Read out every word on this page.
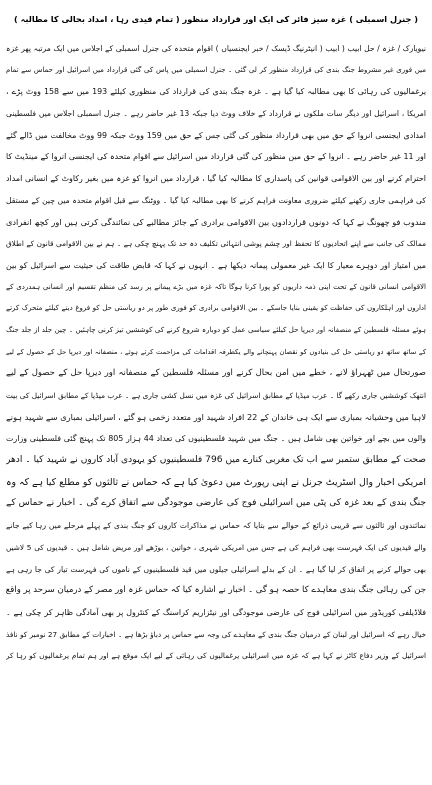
( جنرل اسمبلی ) غزہ سیز فائر کی ایک اور قرارداد منظور ( تمام قیدی رہا ، امداد بحالی کا مطالبہ )
نیویارک / غزہ / حل ابیب ( ابیب ( انیٹرنیگ ڈیسک / خبر ایجنسیاں ) اقوام متحدہ کی جنرل اسمبلی کے اجلاس میں ایک مرتبہ پھر غزہ
میں فوری غیر مشروط جنگ بندی کی قرارداد منظور کر لی گئی ۔ جنرل اسمبلی میں پاس کی گئی قرارداد میں اسرائیل اور حماس سے تمام
یرغمالیوں کی رہائی کا بھی مطالبہ کیا گیا ہے ۔ غزہ جنگ بندی کی قرارداد کی منظوری کیلئے 193 میں سے 158 ووٹ پڑے ،
امریکا ، اسرائیل اور دیگر سات ملکوں نے قرارداد کے خلاف ووٹ دیا جبکہ 13 غیر حاضر رہے ۔ جنرل اسمبلی اجلاس میں فلسطینی
امدادی ایجنسی انروا کے حق میں بھی قرارداد منظور کی گئی جس کے حق میں 159 ووٹ جبکہ 99 ووٹ مخالفت میں ڈالے گئے
اور 11 غیر حاضر رہے ۔ انروا کے حق میں منظور کی گئی قرارداد میں اسرائیل سے اقوام متحدہ کی ایجنسی انروا کے مینڈیٹ کا
احترام کرنے اور بین الاقوامی قوانین کی پاسداری کا مطالبہ کیا گیا ، قرارداد میں انروا کو غزہ میں بغیر رکاوٹ کے انسانی امداد
کی فراہمی جاری رکھنے کیلئے ضروری معاونت فراہم کرنے کا بھی مطالبہ کیا گیا ۔ ووٹنگ سے قبل اقوام متحدہ میں چین کے مستقل
مندوب فو چھونگ نے کہا کہ دونوں قراردادوں بین الاقوامی برادری کے جائز مطالبے کی نمائندگی کرتی ہیں اور کچھ انفرادی
ممالک کی جانب سے اپنے اتحادیوں کا تحفظ اور چشم پوشی انتہائی تکلیف دہ حد تک پہنچ چکی ہے ۔ ہم نے بین الاقوامی قانون کے اطلاق
میں امتیاز اور دوہرے معیار کا ایک غیر معمولی پیمانہ دیکھا ہے ۔ انہوں نے کہا کہ قابض طاقت کی حیثیت سے اسرائیل کو بین
الاقوامی انسانی قانون کے تحت اپنی ذمہ داریوں کو پورا کرنا ہوگا تاکہ غزہ میں بڑے پیمانے پر رسد کی منظم تقسیم اور انسانی ہمدردی کے
اداروں اور اہلکاروں کی حفاظت کو یقینی بنایا جاسکے ۔ بین الاقوامی برادری کو فوری طور پر دو ریاستی حل کو فروغ دینے کیلئے متحرک کرتے
ہوئے مسئلہ فلسطین کے منصفانہ اور دیرپا حل کیلئے سیاسی عمل کو دوبارہ شروع کرنے کی کوششیں تیز کرنی چاہئیں ۔ چین جلد از جلد جنگ
کے ساتھ ساتھ دو ریاستی حل کی بنیادوں کو نقصان پہنچانے والے یکطرفہ اقدامات کی مزاحمت کرتے ہوئے ، منصفانہ اور دیرپا حل کے حصول کے لیے
صورتحال میں ٹھہراؤ لانے ، خطے میں امن بحال کرنے اور مسئلہ فلسطین کے منصفانہ اور دیرپا حل کے حصول کے لیے
انتھک کوششیں جاری رکھے گا ۔ عرب میڈیا کے مطابق اسرائیل کی غزہ میں نسل کشی جاری ہے ۔ عرب میڈیا کے مطابق اسرائیل کی بیت
لاہیا میں وحشیانہ بمباری سے ایک ہی خاندان کے 22 افراد شہید اور متعدد زخمی ہو گئے ، اسرائیلی بمباری سے شہید ہونے
والوں میں بچے اور خواتین بھی شامل ہیں ۔ جنگ میں شہید فلسطینیوں کی تعداد 44 ہزار 805 تک پہنچ گئی فلسطینی وزارت
صحت کے مطابق ستمبر سے اب تک مغربی کنارے میں 796 فلسطینیوں کو یہودی آباد کاروں نے شہید کیا ۔ ادھر
امریکی اخبار وال اسٹریٹ جرنل نے اپنی رپورٹ میں دعویٰ کیا ہے کہ حماس نے ثالثوں کو مطلع کیا ہے کہ وہ
جنگ بندی کے بعد غزہ کی پٹی میں اسرائیلی فوج کی عارضی موجودگی سے اتفاق کرے گی ۔ اخبار نے حماس کے
نمائندوں اور ثالثوں سے قریبی ذرائع کے حوالے سے بتایا کہ حماس نے مذاکرات کاروں کو جنگ بندی کے پہلے مرحلے میں رہا کیے جانے
والے قیدیوں کی ایک فہرست بھی فراہم کی ہے جس میں امریکی شہری ، خواتین ، بوڑھے اور مریض شامل ہیں ۔ قیدیوں کی 5 لاشیں
بھی حوالے کرنے پر اتفاق کر لیا گیا ہے ۔ ان کے بدلے اسرائیلی جیلوں میں قید فلسطینیوں کے ناموں کی فہرست تیار کی جا رہی ہے
جن کی رہائی جنگ بندی معاہدے کا حصہ ہو گی ۔ اخبار نے اشارہ کیا کہ حماس غزہ اور مصر کے درمیان سرحد پر واقع
فلاڈیلفی کوریڈور میں اسرائیلی فوج کی عارضی موجودگی اور نیٹزاریم کراسنگ کے کنٹرول پر بھی آمادگی ظاہر کر چکی ہے ۔
خیال رہے کہ اسرائیل اور لبنان کے درمیان جنگ بندی کے معاہدے کی وجہ سے حماس پر دباؤ بڑھا ہے ۔ اخبارات کے مطابق 27 نومبر کو نافذ
اسرائیل کے وزیر دفاع کاٹز نے کہا ہے کہ غزہ میں اسرائیلی یرغمالیوں کی رہائی کے لیے ایک موقع ہے اور ہم تمام یرغمالیوں کو رہا کر
